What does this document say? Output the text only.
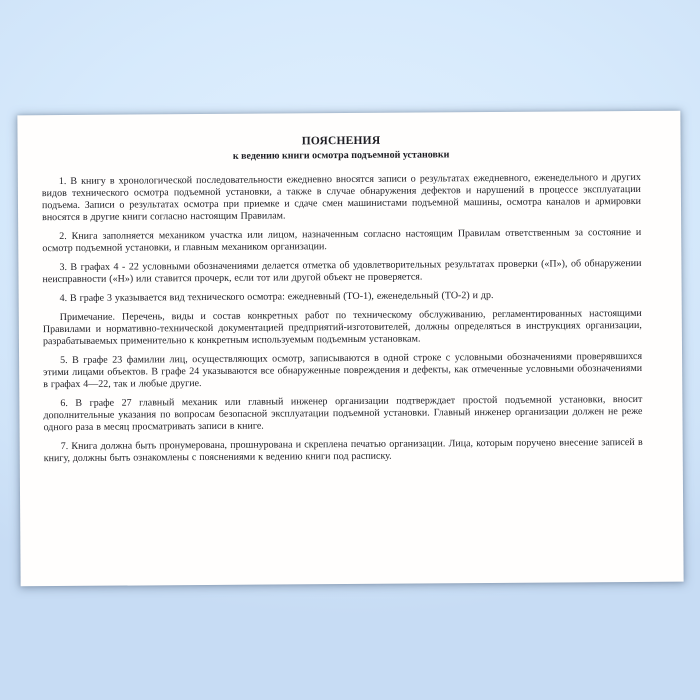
ПОЯСНЕНИЯ
к ведению книги осмотра подъемной установки

1. В книгу в хронологической последовательности ежедневно вносятся записи о результатах ежедневного, еженедельного и других видов технического осмотра подъемной установки, а также в случае обнаружения дефектов и нарушений в процессе эксплуатации подъема. Записи о результатах осмотра при приемке и сдаче смен машинистами подъемной машины, осмотра каналов и армировки вносятся в другие книги согласно настоящим Правилам.

2. Книга заполняется механиком участка или лицом, назначенным согласно настоящим Правилам ответственным за состояние и осмотр подъемной установки, и главным механиком организации.

3. В графах 4 - 22 условными обозначениями делается отметка об удовлетворительных результатах проверки («П»), об обнаружении неисправности («Н») или ставится прочерк, если тот или другой объект не проверяется.

4. В графе 3 указывается вид технического осмотра: ежедневный (ТО-1), еженедельный (ТО-2) и др.

Примечание. Перечень, виды и состав конкретных работ по техническому обслуживанию, регламентированных настоящими Правилами и нормативно-технической документацией предприятий-изготовителей, должны определяться в инструкциях организации, разрабатываемых применительно к конкретным используемым подъемным установкам.

5. В графе 23 фамилии лиц, осуществляющих осмотр, записываются в одной строке с условными обозначениями проверявшихся этими лицами объектов. В графе 24 указываются все обнаруженные повреждения и дефекты, как отмеченные условными обозначениями в графах 4—22, так и любые другие.

6. В графе 27 главный механик или главный инженер организации подтверждает простой подъемной установки, вносит дополнительные указания по вопросам безопасной эксплуатации подъемной установки. Главный инженер организации должен не реже одного раза в месяц просматривать записи в книге.

7. Книга должна быть пронумерована, прошнурована и скреплена печатью организации. Лица, которым поручено внесение записей в книгу, должны быть ознакомлены с пояснениями к ведению книги под расписку.
